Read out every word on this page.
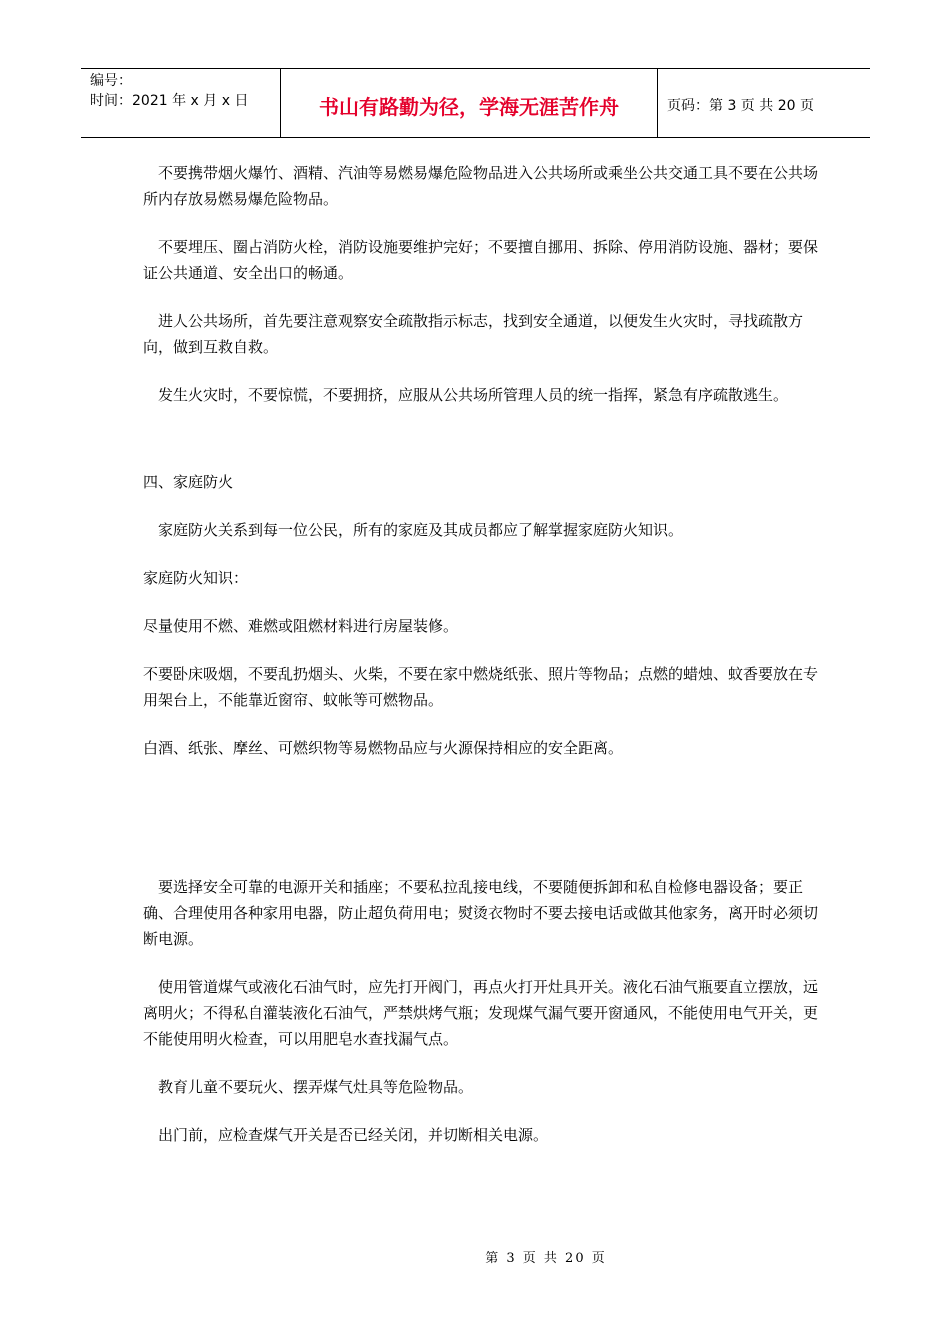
编号：
时间：2021 年 x 月 x 日	书山有路勤为径，学海无涯苦作舟	页码：第 3 页 共 20 页

　不要携带烟火爆竹、酒精、汽油等易燃易爆危险物品进入公共场所或乘坐公共交通工具不要在公共场所内存放易燃易爆危险物品。

　不要埋压、圈占消防火栓，消防设施要维护完好；不要擅自挪用、拆除、停用消防设施、器材；要保证公共通道、安全出口的畅通。

　进人公共场所，首先要注意观察安全疏散指示标志，找到安全通道，以便发生火灾时，寻找疏散方向，做到互救自救。

　发生火灾时，不要惊慌，不要拥挤，应服从公共场所管理人员的统一指挥，紧急有序疏散逃生。

四、家庭防火

　家庭防火关系到每一位公民，所有的家庭及其成员都应了解掌握家庭防火知识。

家庭防火知识：

尽量使用不燃、难燃或阻燃材料进行房屋装修。

不要卧床吸烟，不要乱扔烟头、火柴，不要在家中燃烧纸张、照片等物品；点燃的蜡烛、蚊香要放在专用架台上，不能靠近窗帘、蚊帐等可燃物品。

白酒、纸张、摩丝、可燃织物等易燃物品应与火源保持相应的安全距离。

　要选择安全可靠的电源开关和插座；不要私拉乱接电线，不要随便拆卸和私自检修电器设备；要正确、合理使用各种家用电器，防止超负荷用电；熨烫衣物时不要去接电话或做其他家务，离开时必须切断电源。

　使用管道煤气或液化石油气时，应先打开阀门，再点火打开灶具开关。液化石油气瓶要直立摆放，远离明火；不得私自灌装液化石油气，严禁烘烤气瓶；发现煤气漏气要开窗通风，不能使用电气开关，更不能使用明火检查，可以用肥皂水查找漏气点。

　教育儿童不要玩火、摆弄煤气灶具等危险物品。

　出门前，应检查煤气开关是否已经关闭，并切断相关电源。

第 3 页 共 20 页
